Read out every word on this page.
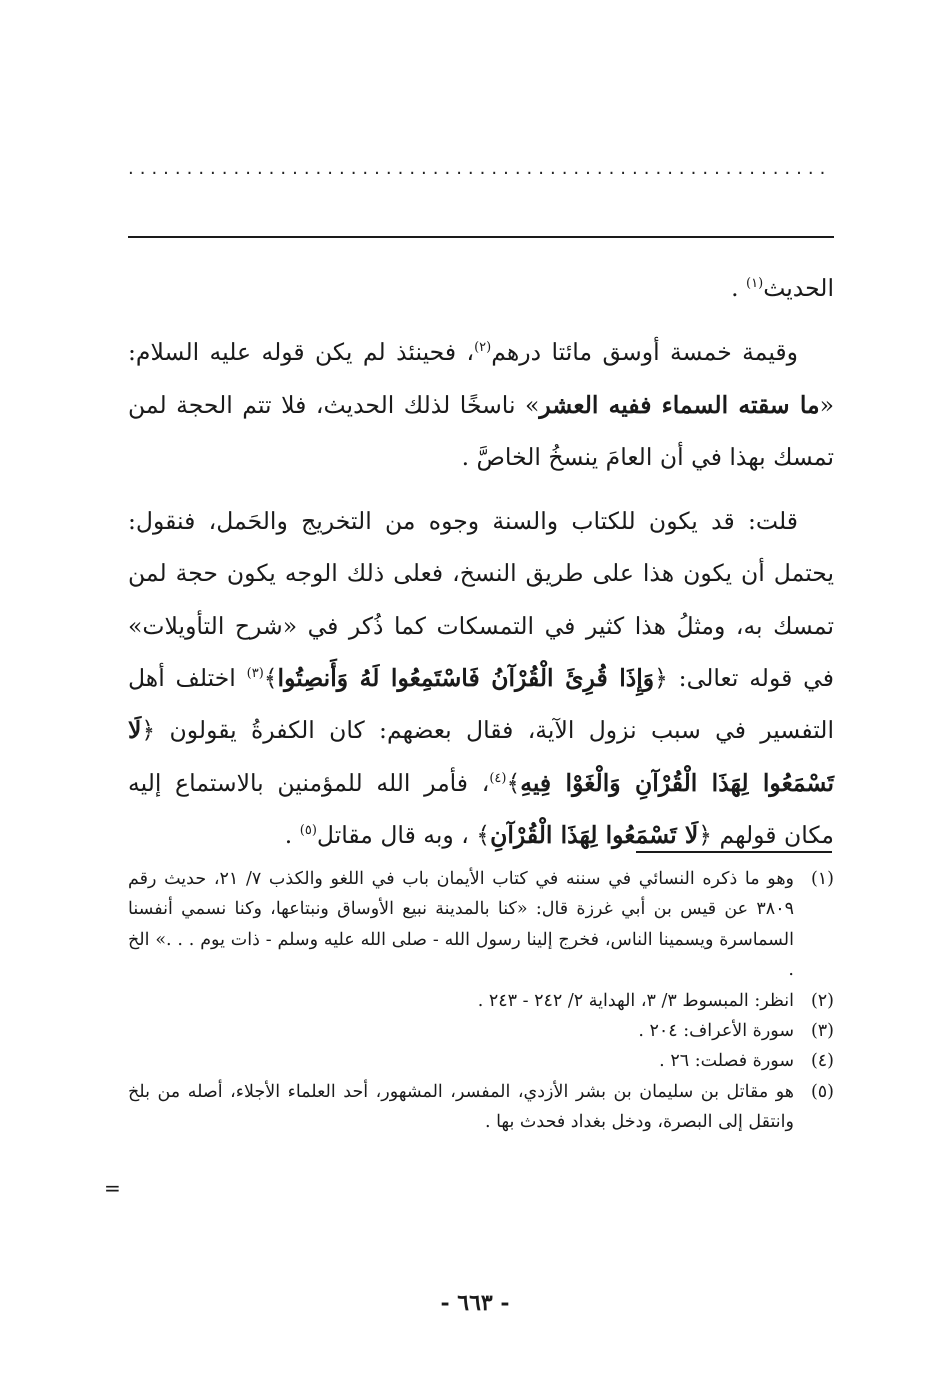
............................................................

الحديث$^{(١)}$ .

وقيمة خمسة أوسق مائتا درهم$^{(٢)}$، فحينئذ لم يكن قوله عليه السلام: «ما سقته السماء ففيه العشر» ناسخًا لذلك الحديث، فلا تتم الحجة لمن تمسك بهذا في أن العامَ ينسخُ الخاصَّ .

قلت: قد يكون للكتاب والسنة وجوه من التخريج والحَمل، فنقول: يحتمل أن يكون هذا على طريق النسخ، فعلى ذلك الوجه يكون حجة لمن تمسك به، ومثلُ هذا كثير في التمسكات كما ذُكر في «شرح التأويلات» في قوله تعالى: ﴿وَإِذَا قُرِئَ الْقُرْآنُ فَاسْتَمِعُوا لَهُ وَأَنصِتُوا﴾$^{(٣)}$ اختلف أهل التفسير في سبب نزول الآية، فقال بعضهم: كان الكفرةُ يقولون ﴿لَا تَسْمَعُوا لِهَذَا الْقُرْآنِ وَالْغَوْا فِيهِ﴾$^{(٤)}$، فأمر الله للمؤمنين بالاستماع إليه مكان قولهم ﴿لَا تَسْمَعُوا لِهَذَا الْقُرْآنِ﴾ ، وبه قال مقاتل$^{(٥)}$ .

(١)
وهو ما ذكره النسائي في سننه في كتاب الأيمان باب في اللغو والكذب ٧/ ٢١، حديث رقم ٣٨٠٩ عن قيس بن أبي غرزة قال: «كنا بالمدينة نبيع الأوساق ونبتاعها، وكنا نسمي أنفسنا السماسرة ويسمينا الناس، فخرج إلينا رسول الله - صلى الله عليه وسلم - ذات يوم . . .» الخ .
(٢)
انظر: المبسوط ٣/ ٣، الهداية ٢/ ٢٤٢ - ٢٤٣ .
(٣)
سورة الأعراف: ٢٠٤ .
(٤)
سورة فصلت: ٢٦ .
(٥)
هو مقاتل بن سليمان بن بشر الأزدي، المفسر، المشهور، أحد العلماء الأجلاء، أصله من بلخ وانتقل إلى البصرة، ودخل بغداد فحدث بها .
=
- ٦٦٣ -
